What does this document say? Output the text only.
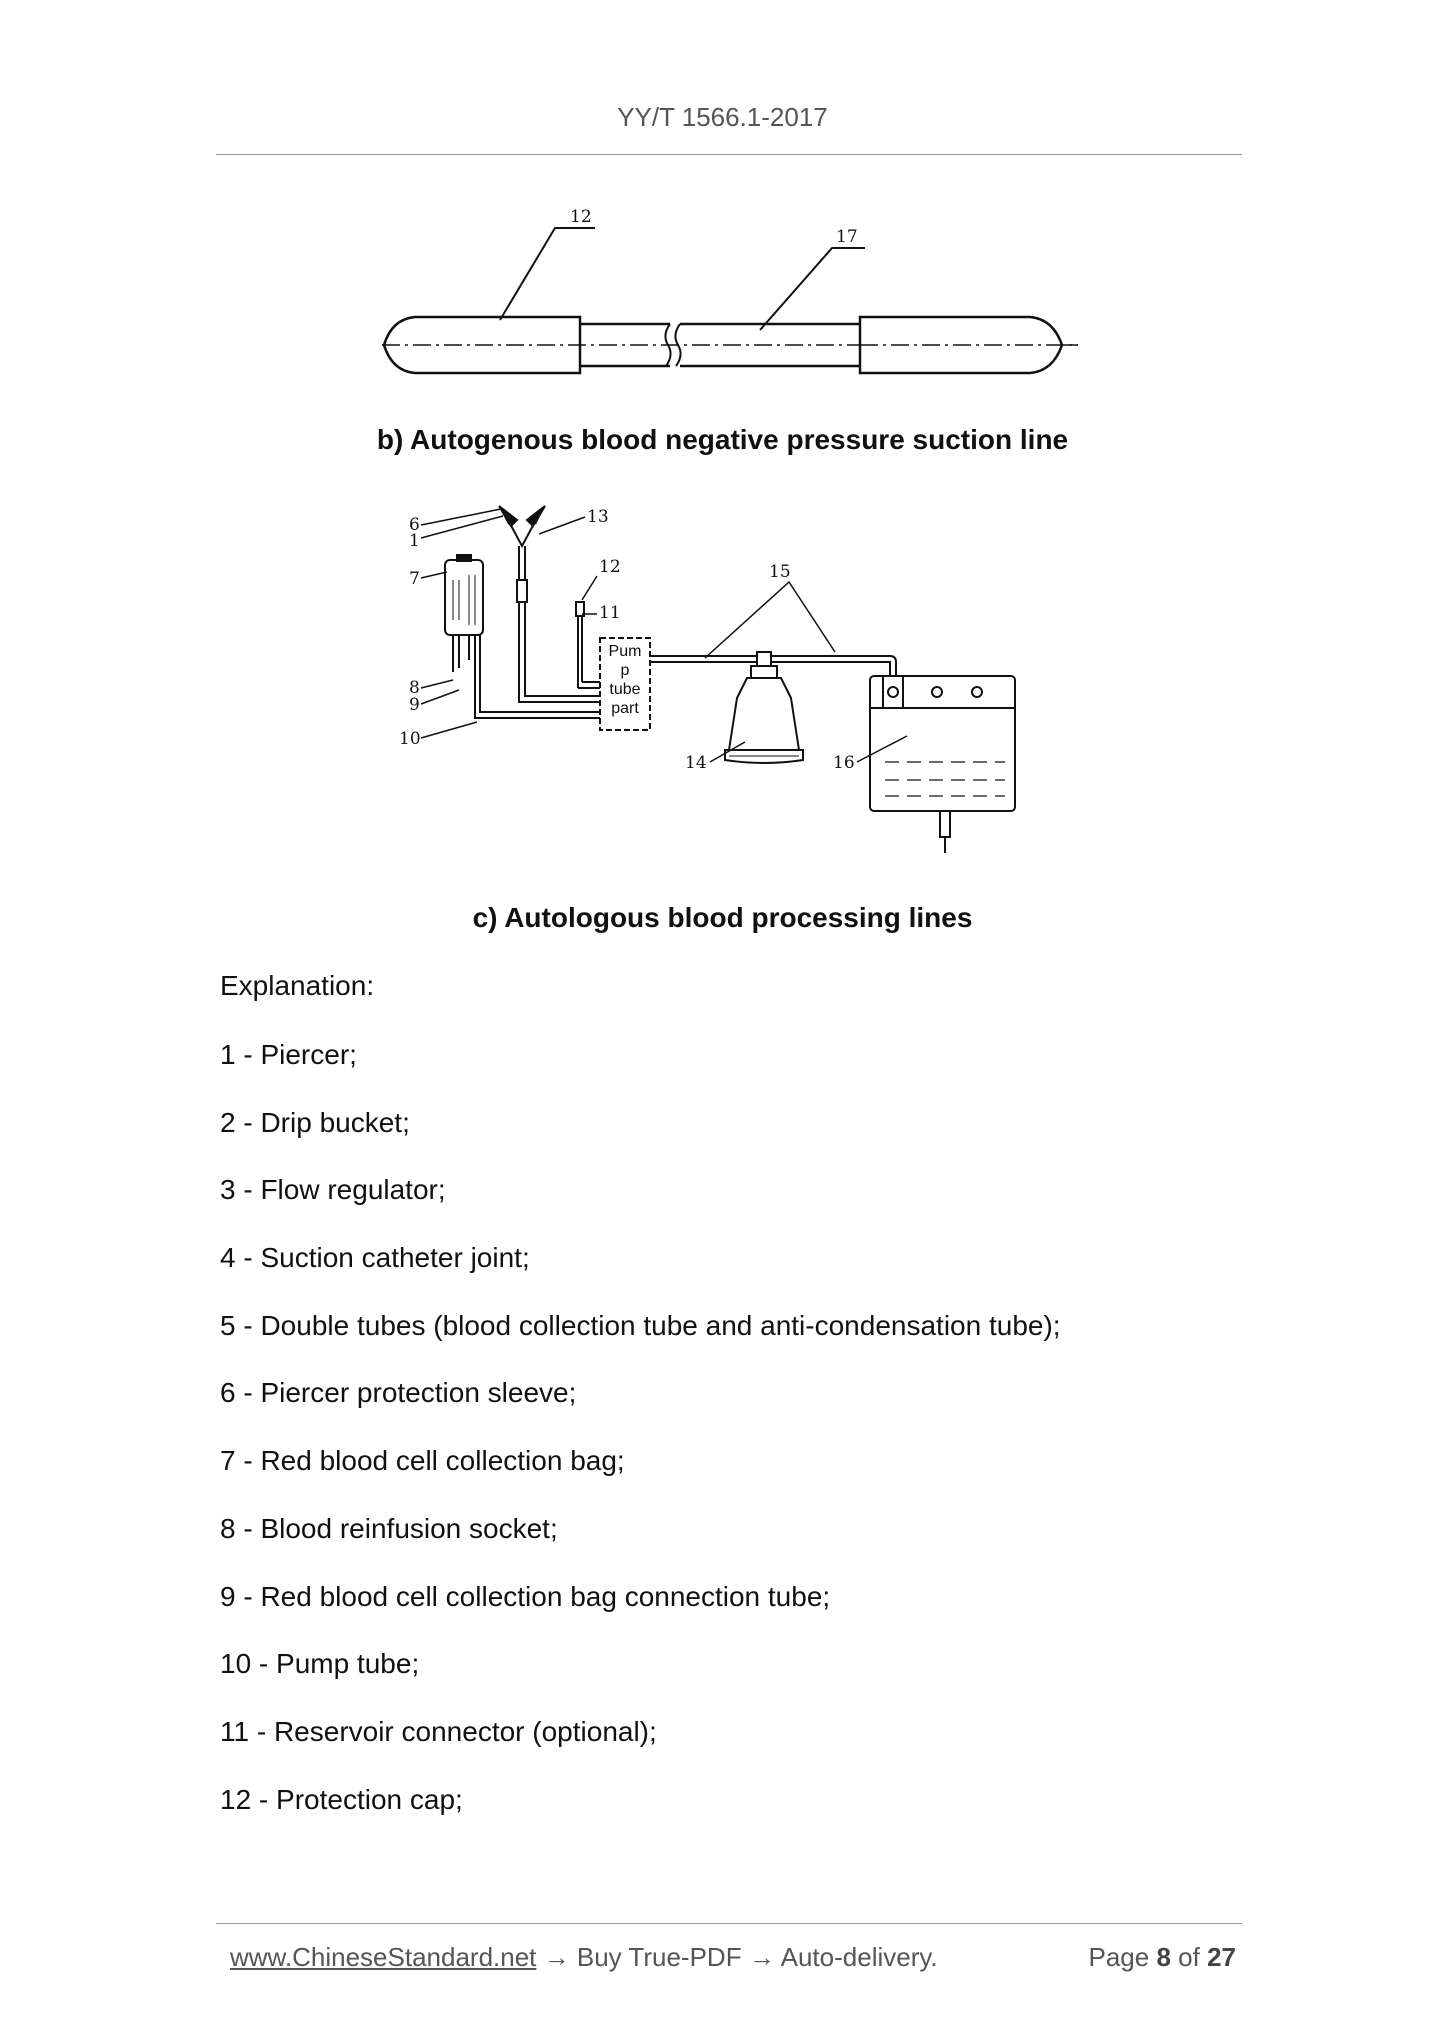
YY/T 1566.1-2017
12
17
b) Autogenous blood negative pressure suction line
6
1
7
8
9
10
13
12
11
15
14	16
Pum
p
tube
part
c) Autologous blood processing lines
Explanation:
1 - Piercer;
2 - Drip bucket;
3 - Flow regulator;
4 - Suction catheter joint;
5 - Double tubes (blood collection tube and anti-condensation tube);
6 - Piercer protection sleeve;
7 - Red blood cell collection bag;
8 - Blood reinfusion socket;
9 - Red blood cell collection bag connection tube;
10 - Pump tube;
11 - Reservoir connector (optional);
12 - Protection cap;
www.ChineseStandard.net → Buy True-PDF → Auto-delivery.	Page 8 of 27
